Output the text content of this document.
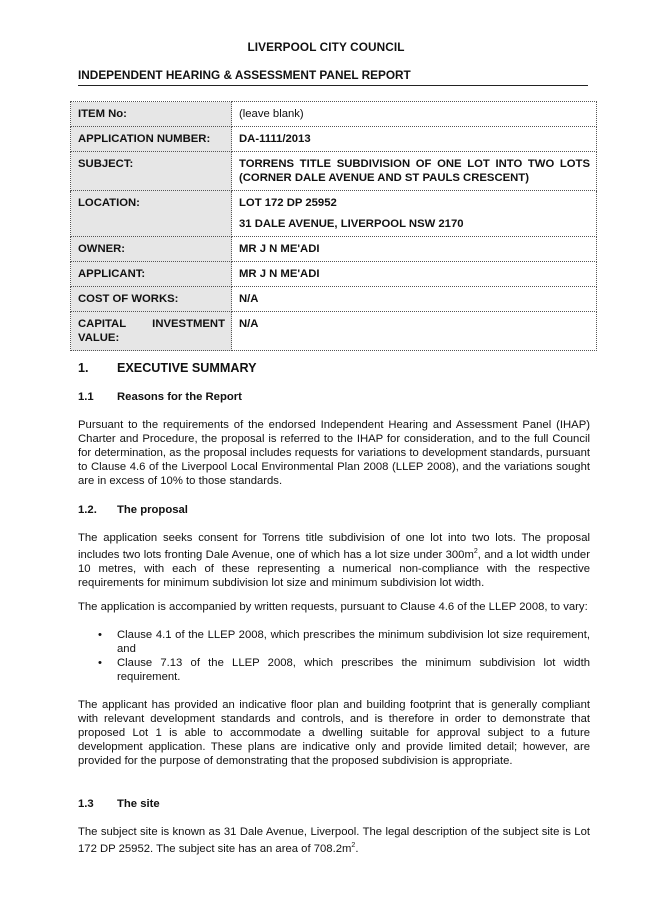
LIVERPOOL CITY COUNCIL
INDEPENDENT HEARING & ASSESSMENT PANEL REPORT
ITEM No:	(leave blank)
APPLICATION NUMBER:	DA-1111/2013
SUBJECT:	TORRENS TITLE SUBDIVISION OF ONE LOT INTO TWO LOTS (CORNER DALE AVENUE AND ST PAULS CRESCENT)
LOCATION:	LOT 172 DP 25952
31 DALE AVENUE, LIVERPOOL NSW 2170

OWNER:	MR J N ME'ADI
APPLICANT:	MR J N ME'ADI
COST OF WORKS:	N/A

CAPITAL INVESTMENT
VALUE:	N/A
1. EXECUTIVE SUMMARY
1.1 Reasons for the Report
Pursuant to the requirements of the endorsed Independent Hearing and Assessment Panel (IHAP) Charter and Procedure, the proposal is referred to the IHAP for consideration, and to the full Council for determination, as the proposal includes requests for variations to development standards, pursuant to Clause 4.6 of the Liverpool Local Environmental Plan 2008 (LLEP 2008), and the variations sought are in excess of 10% to those standards.
1.2. The proposal
The application seeks consent for Torrens title subdivision of one lot into two lots. The proposal includes two lots fronting Dale Avenue, one of which has a lot size under $300m^2$, and a lot width under 10 metres, with each of these representing a numerical non-compliance with the respective requirements for minimum subdivision lot size and minimum subdivision lot width.
The application is accompanied by written requests, pursuant to Clause 4.6 of the LLEP 2008, to vary:
• Clause 4.1 of the LLEP 2008, which prescribes the minimum subdivision lot size requirement, and
• Clause 7.13 of the LLEP 2008, which prescribes the minimum subdivision lot width requirement.
The applicant has provided an indicative floor plan and building footprint that is generally compliant with relevant development standards and controls, and is therefore in order to demonstrate that proposed Lot 1 is able to accommodate a dwelling suitable for approval subject to a future development application. These plans are indicative only and provide limited detail; however, are provided for the purpose of demonstrating that the proposed subdivision is appropriate.
1.3 The site
The subject site is known as 31 Dale Avenue, Liverpool. The legal description of the subject site is Lot 172 DP 25952. The subject site has an area of $708.2m^2$.
